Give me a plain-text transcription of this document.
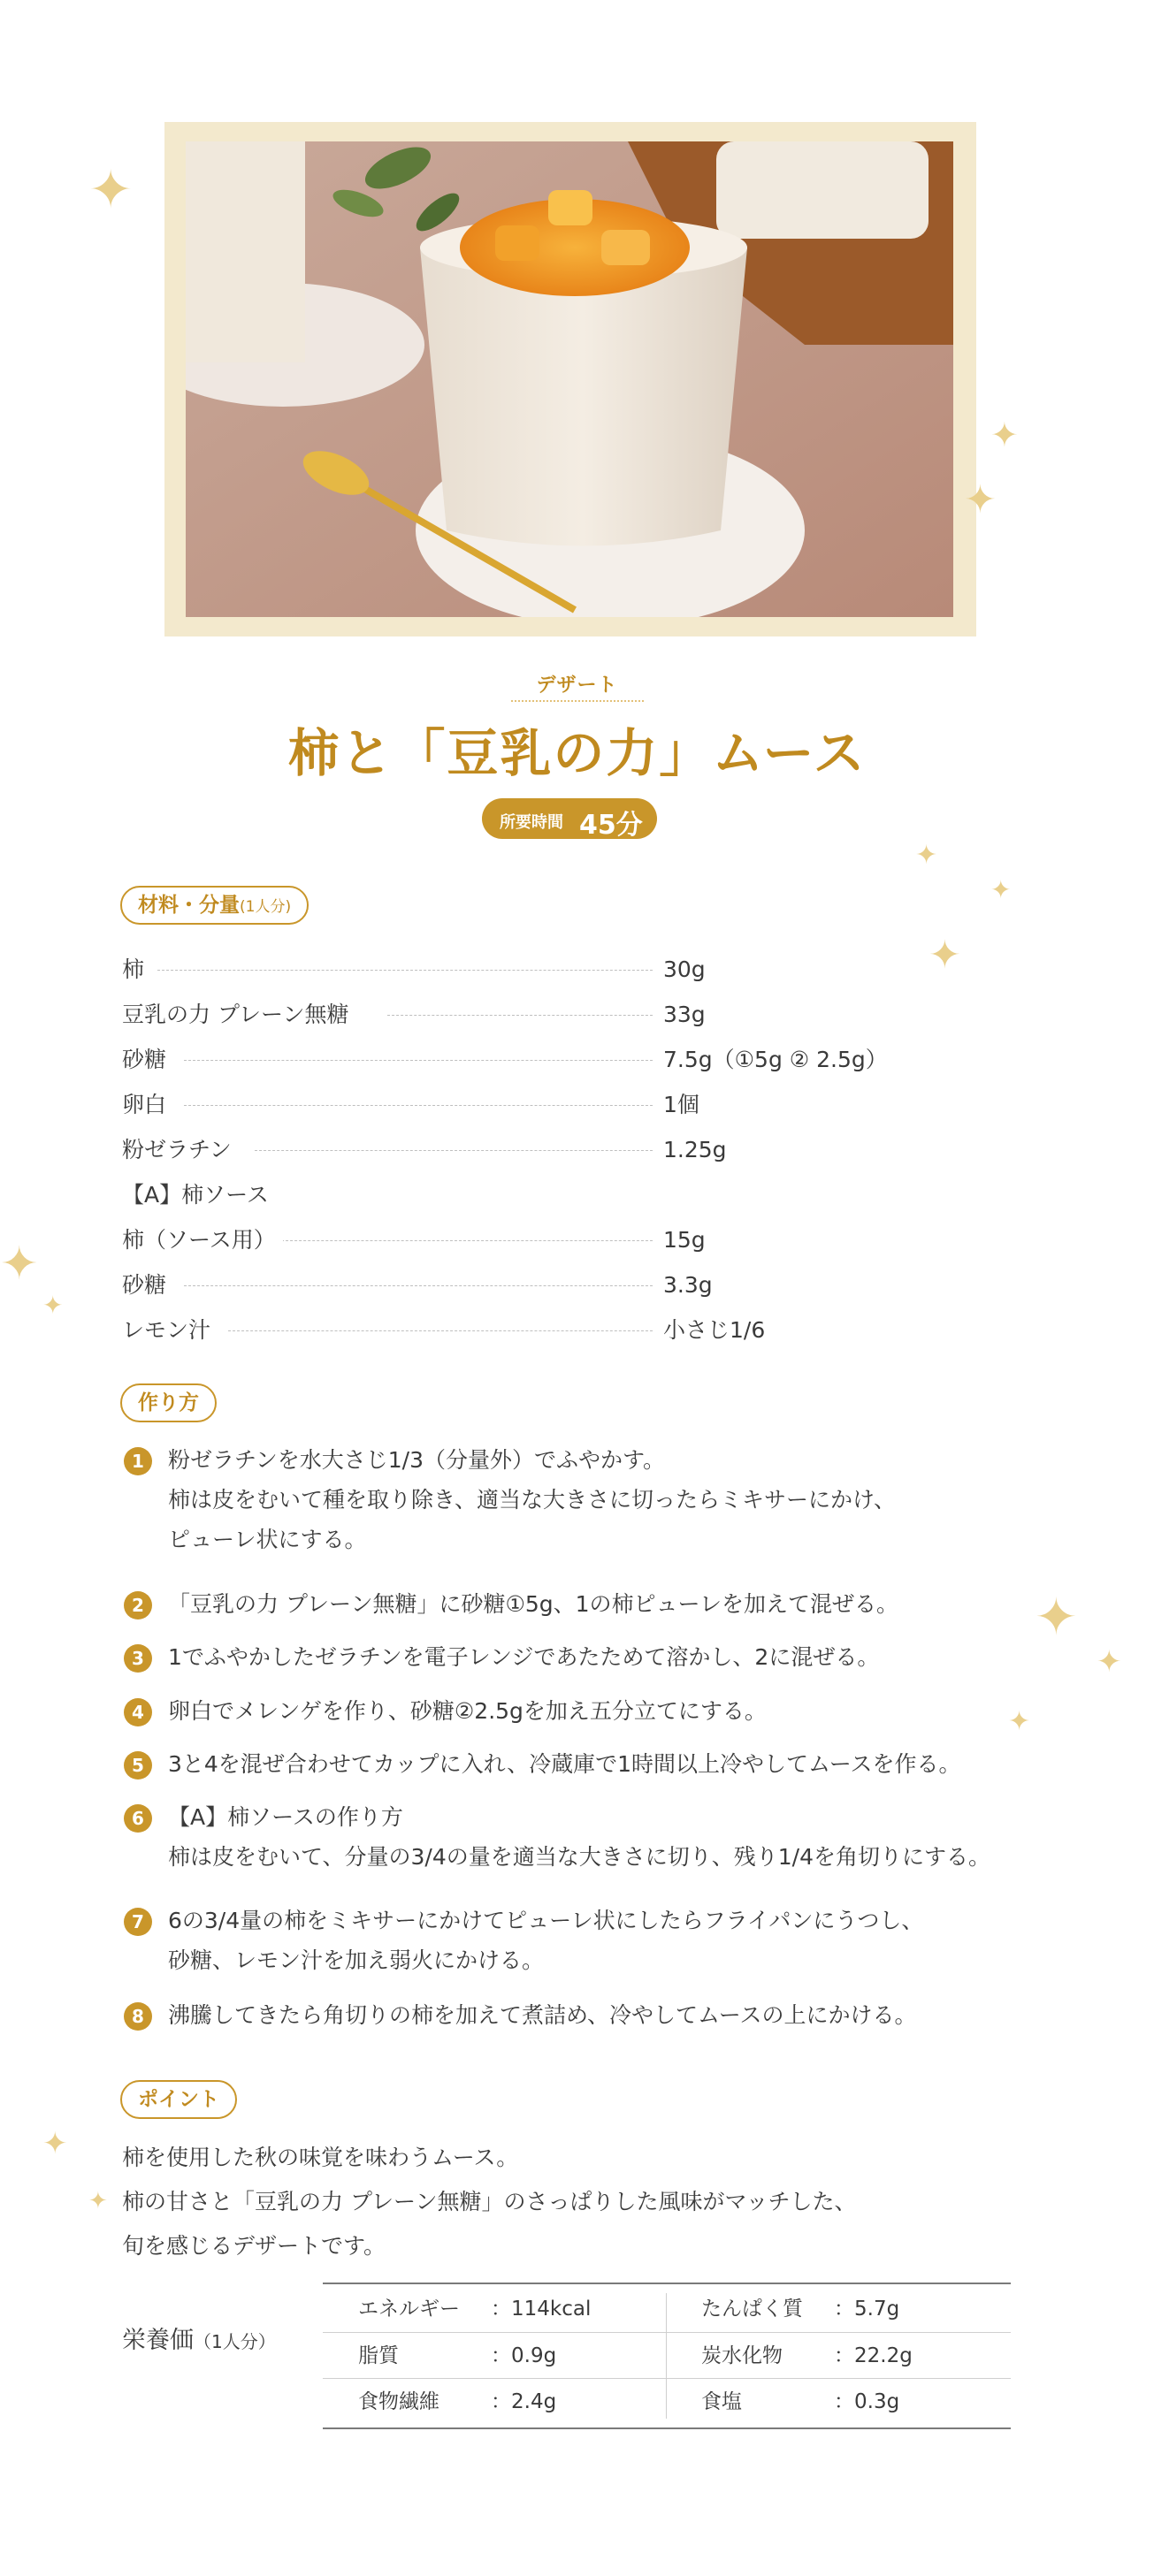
✦
✦
✦
✦
✦
✦
✦
✦
✦
✦
✦
✦
✦
デザート
柿と「豆乳の力」ムース
所要時間 45分
材料・分量(1人分)
柿	30g
豆乳の力 プレーン無糖	33g
砂糖	7.5g（①5g ② 2.5g）
卵白	1個
粉ゼラチン	1.25g
【A】柿ソース
柿（ソース用）	15g
砂糖	3.3g
レモン汁	小さじ1/6
作り方
1	粉ゼラチンを水大さじ1/3（分量外）でふやかす。
柿は皮をむいて種を取り除き、適当な大きさに切ったらミキサーにかけ、
ピューレ状にする。
2	「豆乳の力 プレーン無糖」に砂糖①5g、1の柿ピューレを加えて混ぜる。
3	1でふやかしたゼラチンを電子レンジであたためて溶かし、2に混ぜる。
4	卵白でメレンゲを作り、砂糖②2.5gを加え五分立てにする。
5	3と4を混ぜ合わせてカップに入れ、冷蔵庫で1時間以上冷やしてムースを作る。
6	【A】柿ソースの作り方
柿は皮をむいて、分量の3/4の量を適当な大きさに切り、残り1/4を角切りにする。
7	6の3/4量の柿をミキサーにかけてピューレ状にしたらフライパンにうつし、
砂糖、レモン汁を加え弱火にかける。
8	沸騰してきたら角切りの柿を加えて煮詰め、冷やしてムースの上にかける。
ポイント
柿を使用した秋の味覚を味わうムース。
柿の甘さと「豆乳の力 プレーン無糖」のさっぱりした風味がマッチした、
旬を感じるデザートです。
栄養価（1人分）
エネルギー ：114kcal	たんぱく質 ：5.7g
脂質	：0.9g	炭水化物	：22.2g
食物繊維	：2.4g	食塩	：0.3g
